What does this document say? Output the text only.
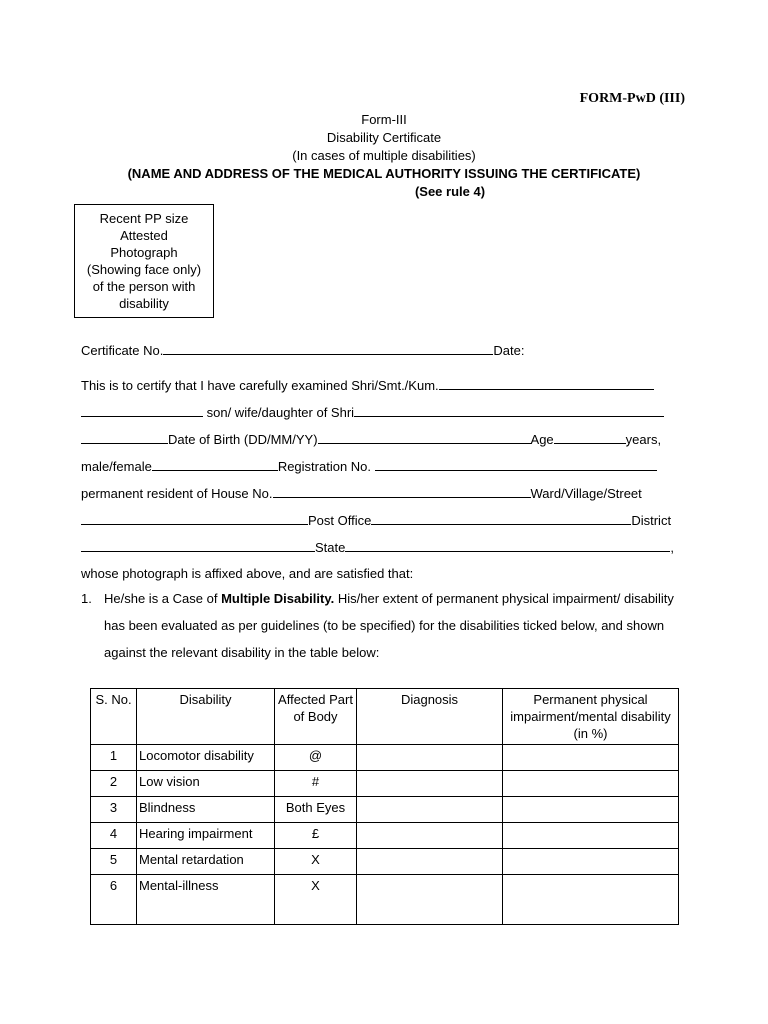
FORM-PwD (III)
Form-III
Disability Certificate
(In cases of multiple disabilities)
(NAME AND ADDRESS OF THE MEDICAL AUTHORITY ISSUING THE CERTIFICATE)
(See rule 4)
Recent PP size
Attested
Photograph
(Showing face only)
of the person with
disability
Certificate No.	Date:
This is to certify that I have carefully examined Shri/Smt./Kum.
son/ wife/daughter of Shri
Date of Birth (DD/MM/YY)	Age	years,
male/female	Registration No.
permanent resident of House No.	Ward/Village/Street
Post Office	District
State	,
whose photograph is affixed above, and are satisfied that:
1. He/she is a Case of Multiple Disability. His/her extent of permanent physical impairment/ disability has been evaluated as per guidelines (to be specified) for the disabilities ticked below, and shown against the relevant disability in the table below:
S. No.	Disability	Affected Part of Body	Diagnosis	Permanent physical impairment/mental disability (in %)
1	Locomotor disability	@		
2	Low vision	#		
3	Blindness	Both Eyes		
4	Hearing impairment	£		
5	Mental retardation	X		
6	Mental-illness	X		
